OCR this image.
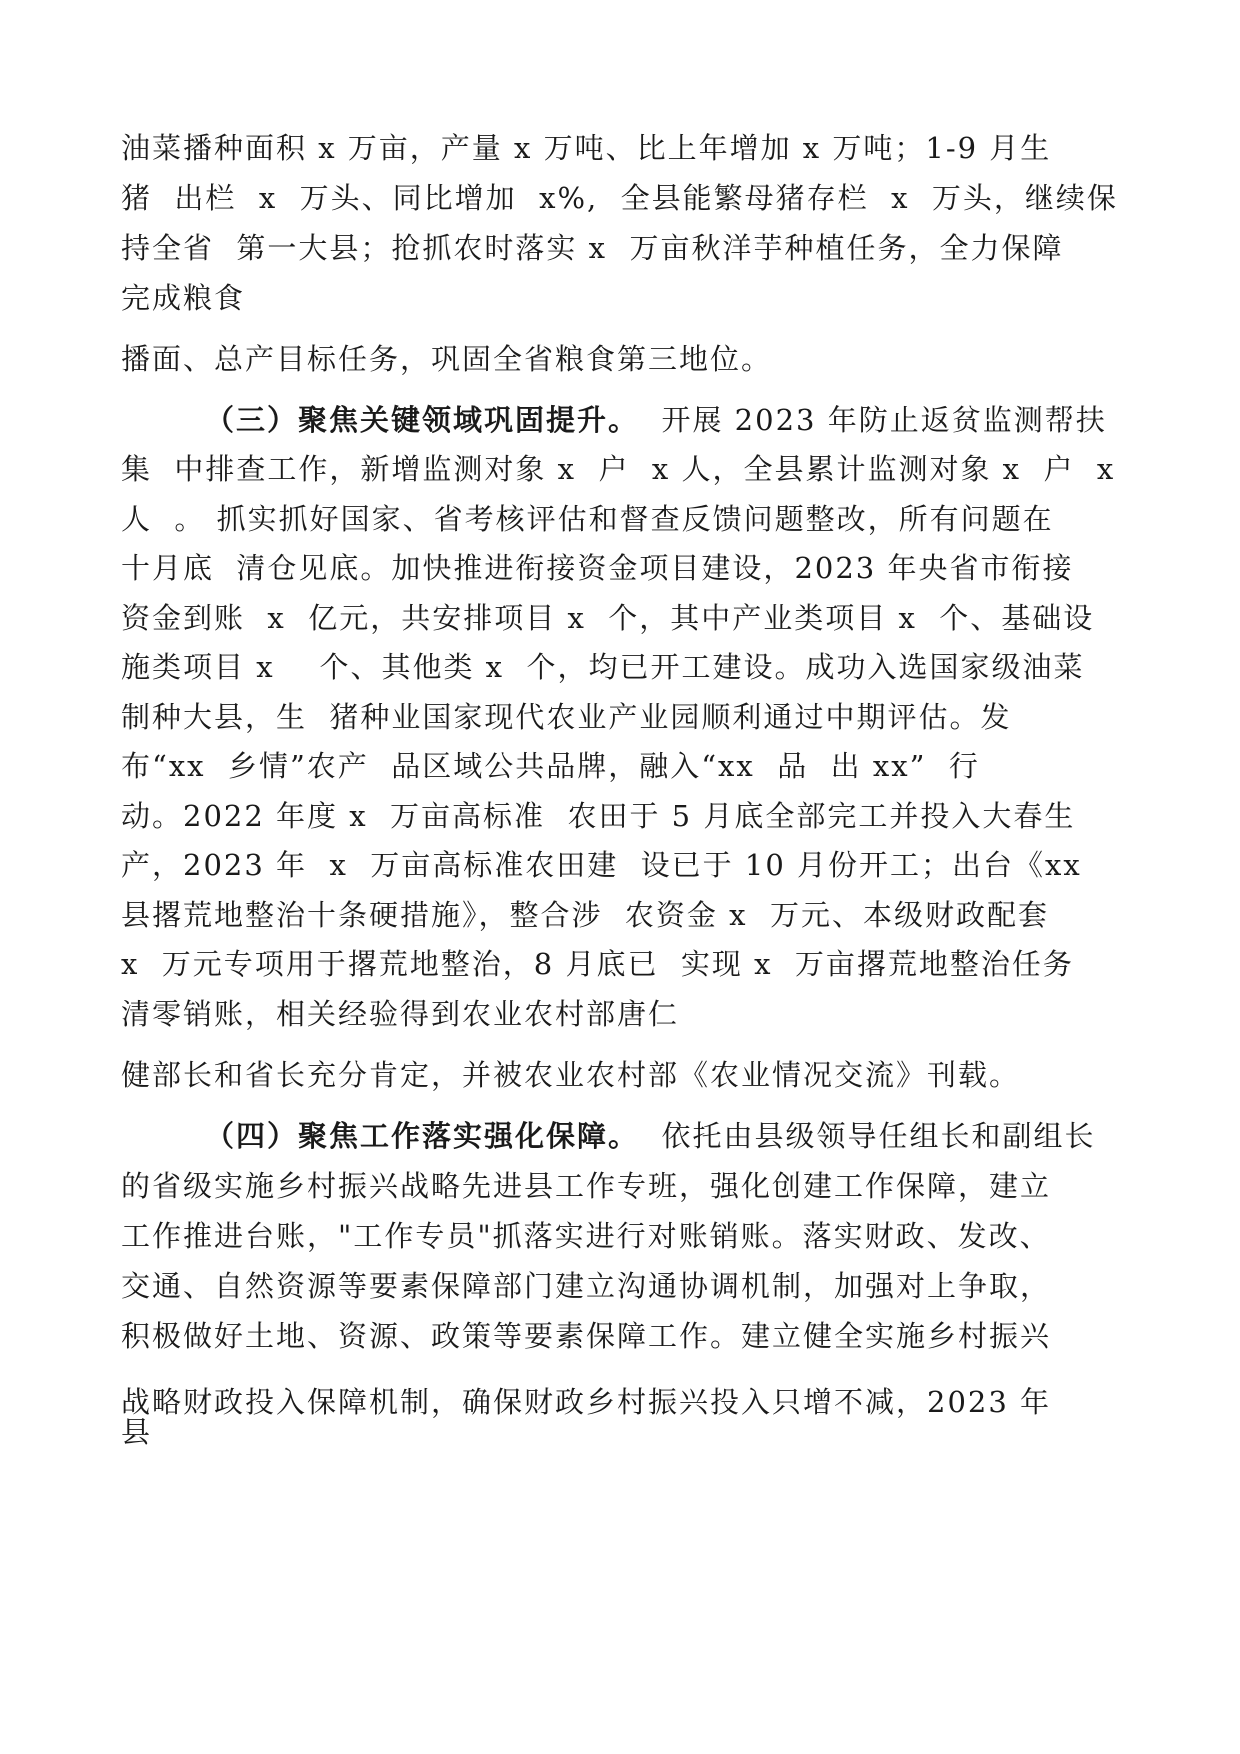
油菜播种面积 x 万亩，产量 x 万吨、比上年增加 x 万吨；1-9 月生

猪  出栏  x  万头、同比增加  x%,  全县能繁母猪存栏  x  万头，继续保

持全省  第一大县；抢抓农时落实 x  万亩秋洋芋种植任务，全力保障

完成粮食

播面、总产目标任务，巩固全省粮食第三地位。

（三）聚焦关键领域巩固提升。 开展 2023 年防止返贫监测帮扶

集  中排查工作，新增监测对象 x  户  x 人，全县累计监测对象 x  户  x

人  。 抓实抓好国家、省考核评估和督查反馈问题整改，所有问题在

十月底  清仓见底。加快推进衔接资金项目建设，2023 年央省市衔接

资金到账  x  亿元，共安排项目 x  个，其中产业类项目 x  个、基础设

施类项目 x    个、其他类 x  个，均已开工建设。成功入选国家级油菜

制种大县，生  猪种业国家现代农业产业园顺利通过中期评估。发

布“xx  乡情”农产  品区域公共品牌，融入“xx  品  出 xx”  行

动。2022 年度 x  万亩高标准  农田于 5 月底全部完工并投入大春生

产，2023 年  x  万亩高标准农田建  设已于 10 月份开工；出台《xx

县撂荒地整治十条硬措施》，整合涉  农资金 x  万元、本级财政配套

x  万元专项用于撂荒地整治，8 月底已  实现 x  万亩撂荒地整治任务

清零销账，相关经验得到农业农村部唐仁

健部长和省长充分肯定，并被农业农村部《农业情况交流》刊载。

（四）聚焦工作落实强化保障。 依托由县级领导任组长和副组长

的省级实施乡村振兴战略先进县工作专班，强化创建工作保障，建立

工作推进台账，"工作专员"抓落实进行对账销账。落实财政、发改、

交通、自然资源等要素保障部门建立沟通协调机制，加强对上争取，

积极做好土地、资源、政策等要素保障工作。建立健全实施乡村振兴

战略财政投入保障机制，确保财政乡村振兴投入只增不减，2023 年

县
